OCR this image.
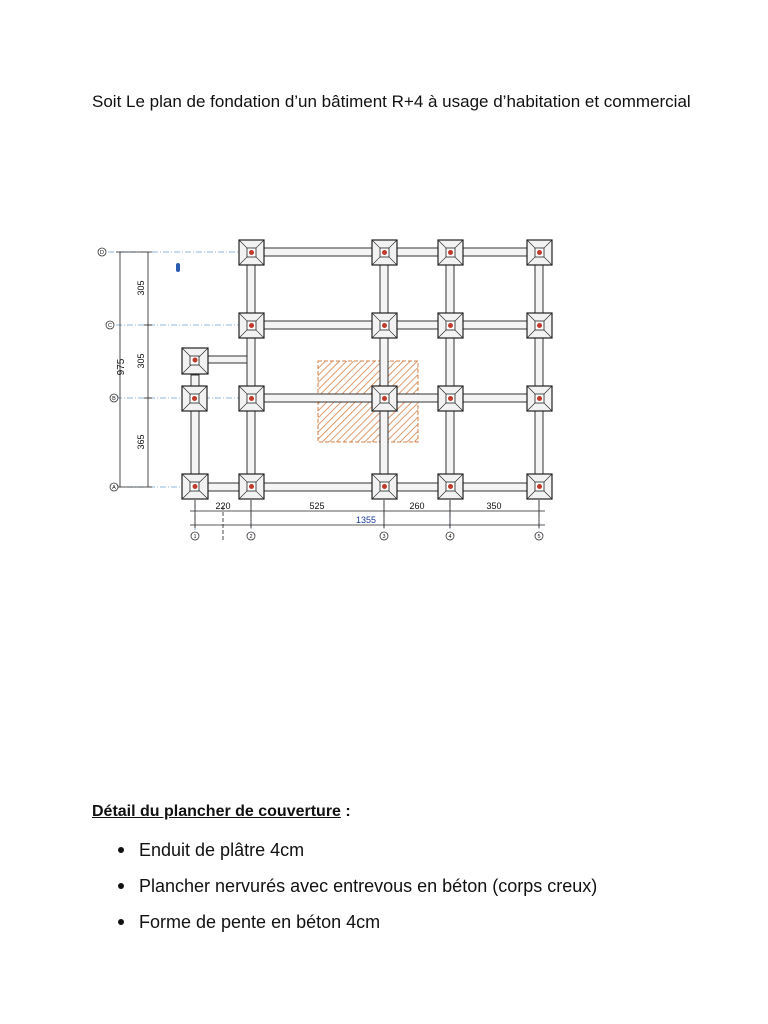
Soit Le plan de fondation d’un bâtiment R+4 à usage d’habitation et commercial

305
305
365
975
D
C
B
A
220	525	260	350
1355
1	2	3	4	5

Détail du plancher de couverture :

Enduit de plâtre 4cm
Plancher nervurés avec entrevous en béton (corps creux)
Forme de pente en béton 4cm
